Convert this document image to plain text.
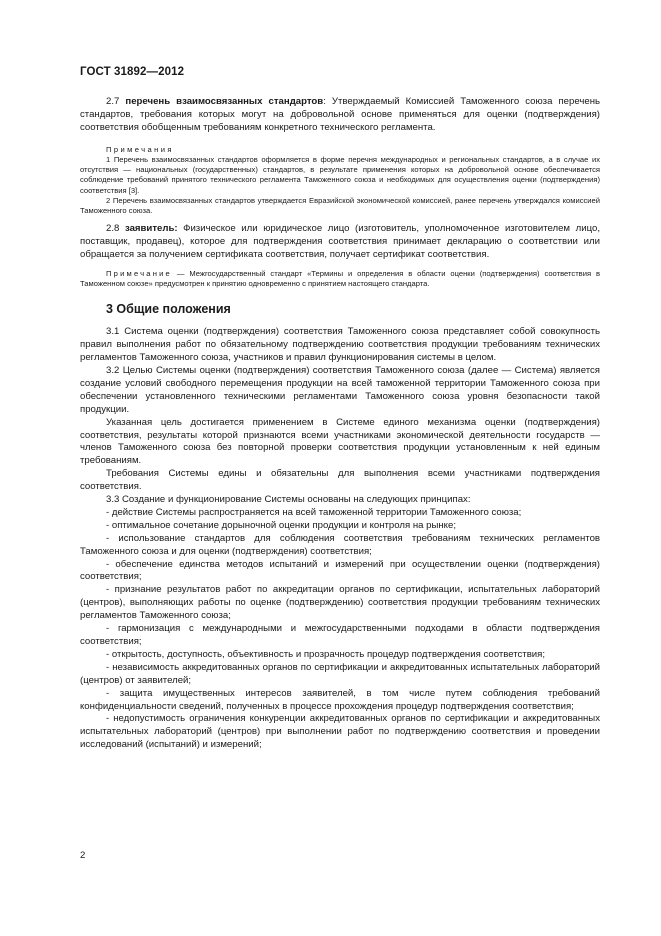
ГОСТ 31892—2012

2.7 перечень взаимосвязанных стандартов: Утверждаемый Комиссией Таможенного союза перечень стандартов, требования которых могут на добровольной основе применяться для оценки (подтверждения) соответствия обобщенным требованиям конкретного технического регламента.

Примечания

1 Перечень взаимосвязанных стандартов оформляется в форме перечня международных и региональных стандартов, а в случае их отсутствия — национальных (государственных) стандартов, в результате применения которых на добровольной основе обеспечивается соблюдение требований принятого технического регламента Таможенного союза и необходимых для осуществления оценки (подтверждения) соответствия [3].

2 Перечень взаимосвязанных стандартов утверждается Евразийской экономической комиссией, ранее перечень утверждался комиссией Таможенного союза.

2.8 заявитель: Физическое или юридическое лицо (изготовитель, уполномоченное изготовителем лицо, поставщик, продавец), которое для подтверждения соответствия принимает декларацию о соответствии или обращается за получением сертификата соответствия, получает сертификат соответствия.

Примечание — Межгосударственный стандарт «Термины и определения в области оценки (подтверждения) соответствия в Таможенном союзе» предусмотрен к принятию одновременно с принятием настоящего стандарта.

3 Общие положения

3.1 Система оценки (подтверждения) соответствия Таможенного союза представляет собой совокупность правил выполнения работ по обязательному подтверждению соответствия продукции требованиям технических регламентов Таможенного союза, участников и правил функционирования системы в целом.

3.2 Целью Системы оценки (подтверждения) соответствия Таможенного союза (далее — Система) является создание условий свободного перемещения продукции на всей таможенной территории Таможенного союза при обеспечении установленного техническими регламентами Таможенного союза уровня безопасности такой продукции.

Указанная цель достигается применением в Системе единого механизма оценки (подтверждения) соответствия, результаты которой признаются всеми участниками экономической деятельности государств — членов Таможенного союза без повторной проверки соответствия продукции установленным к ней единым требованиям.

Требования Системы едины и обязательны для выполнения всеми участниками подтверждения соответствия.

3.3 Создание и функционирование Системы основаны на следующих принципах:

- действие Системы распространяется на всей таможенной территории Таможенного союза;

- оптимальное сочетание дорыночной оценки продукции и контроля на рынке;

- использование стандартов для соблюдения соответствия требованиям технических регламентов Таможенного союза и для оценки (подтверждения) соответствия;

- обеспечение единства методов испытаний и измерений при осуществлении оценки (подтверждения) соответствия;

- признание результатов работ по аккредитации органов по сертификации, испытательных лабораторий (центров), выполняющих работы по оценке (подтверждению) соответствия продукции требованиям технических регламентов Таможенного союза;

- гармонизация с международными и межгосударственными подходами в области подтверждения соответствия;

- открытость, доступность, объективность и прозрачность процедур подтверждения соответствия;

- независимость аккредитованных органов по сертификации и аккредитованных испытательных лабораторий (центров) от заявителей;

- защита имущественных интересов заявителей, в том числе путем соблюдения требований конфиденциальности сведений, полученных в процессе прохождения процедур подтверждения соответствия;

- недопустимость ограничения конкуренции аккредитованных органов по сертификации и аккредитованных испытательных лабораторий (центров) при выполнении работ по подтверждению соответствия и проведении исследований (испытаний) и измерений;

2
